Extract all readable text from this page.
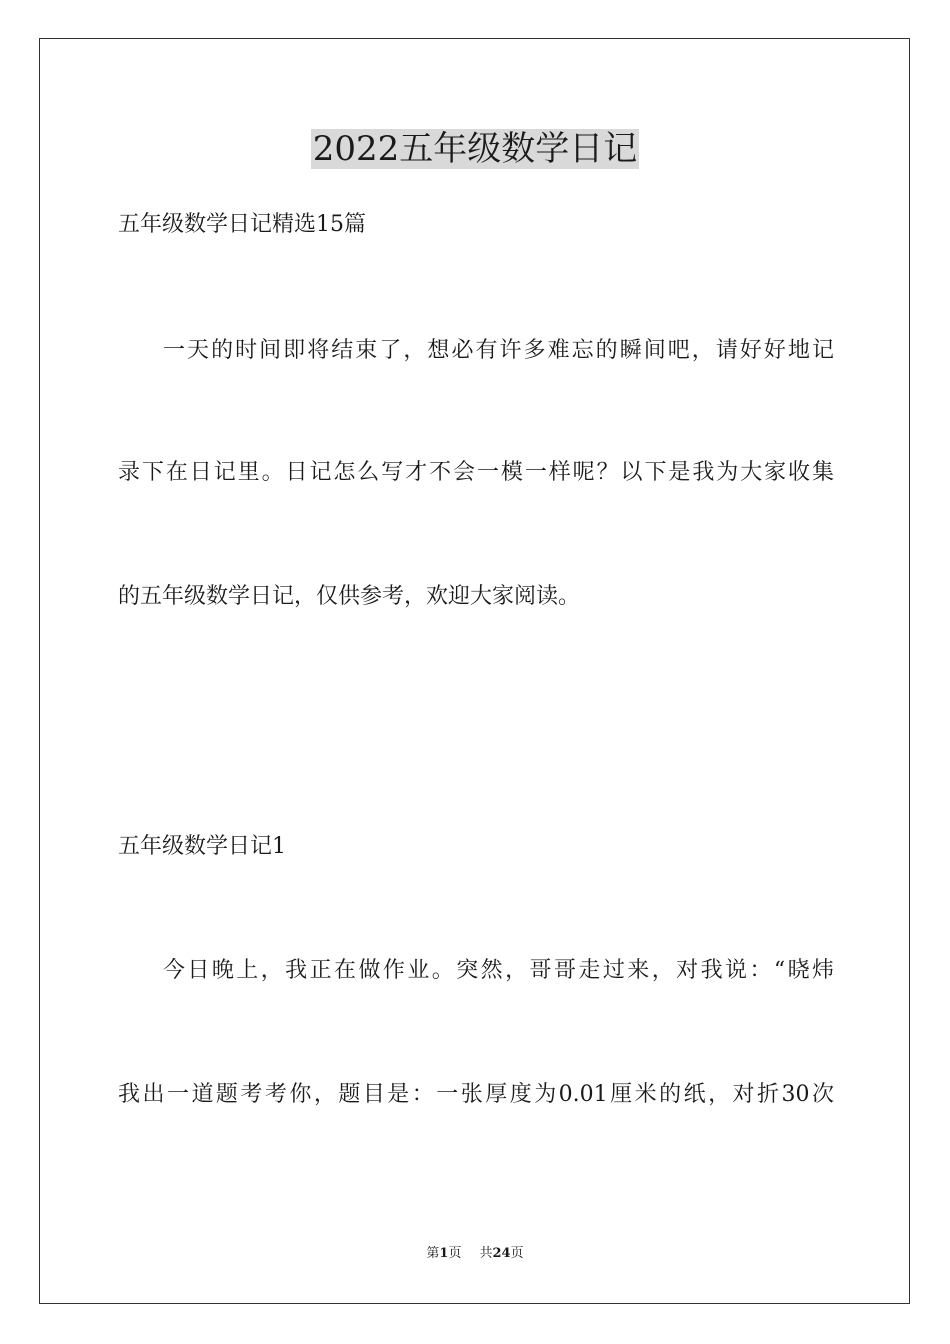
2022五年级数学日记

五年级数学日记精选15篇

一天的时间即将结束了，想必有许多难忘的瞬间吧，请好好地记

录下在日记里。日记怎么写才不会一模一样呢？以下是我为大家收集

的五年级数学日记，仅供参考，欢迎大家阅读。

五年级数学日记1

今日晚上，我正在做作业。突然，哥哥走过来，对我说：“晓炜

我出一道题考考你，题目是：一张厚度为0.01厘米的纸，对折30次

第1页 共24页
